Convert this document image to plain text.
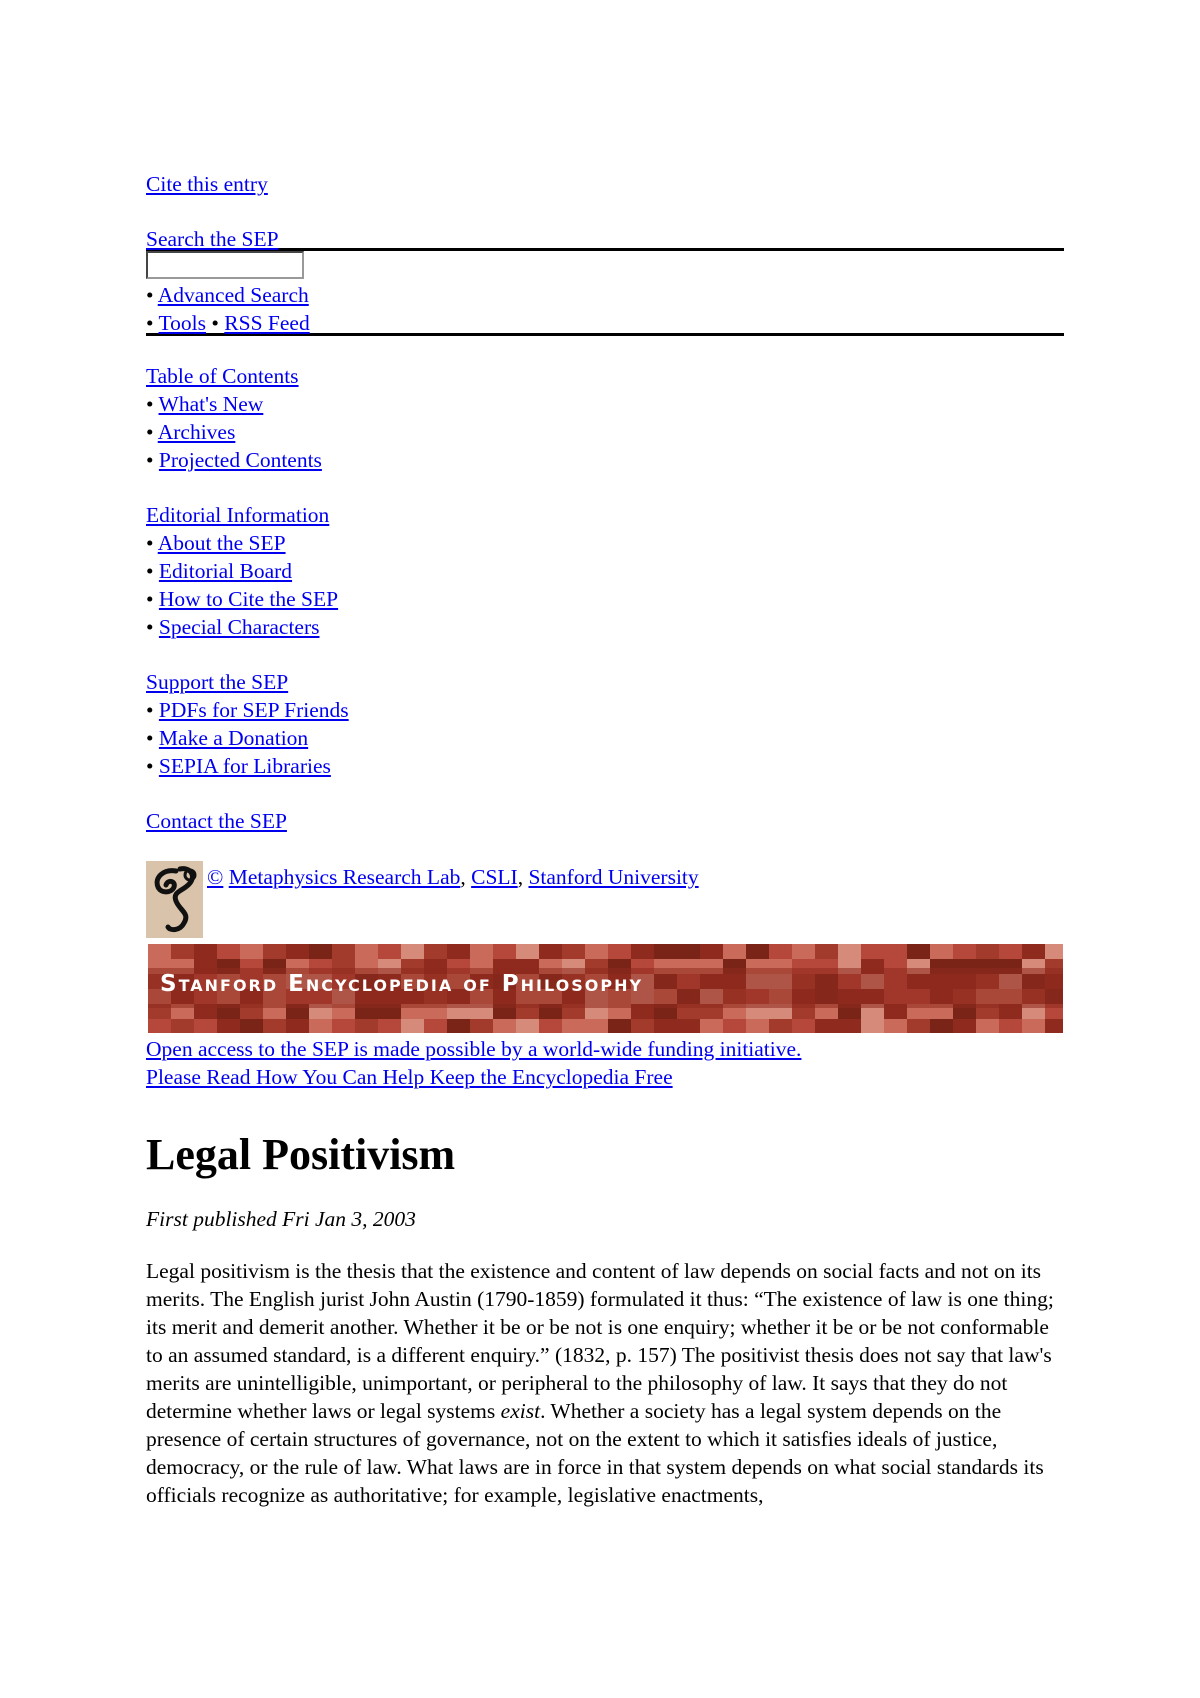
Cite this entry
Search the SEP
• Advanced Search
• Tools • RSS Feed
Table of Contents
• What's New
• Archives
• Projected Contents
Editorial Information
• About the SEP
• Editorial Board
• How to Cite the SEP
• Special Characters
Support the SEP
• PDFs for SEP Friends
• Make a Donation
• SEPIA for Libraries
Contact the SEP
© Metaphysics Research Lab, CSLI, Stanford University
Stanford Encyclopedia of Philosophy
Open access to the SEP is made possible by a world-wide funding initiative.
Please Read How You Can Help Keep the Encyclopedia Free
Legal Positivism
First published Fri Jan 3, 2003
Legal positivism is the thesis that the existence and content of law depends on social facts and not on its merits. The English jurist John Austin (1790-1859) formulated it thus: “The existence of law is one thing; its merit and demerit another. Whether it be or be not is one enquiry; whether it be or be not conformable to an assumed standard, is a different enquiry.” (1832, p. 157) The positivist thesis does not say that law's merits are unintelligible, unimportant, or peripheral to the philosophy of law. It says that they do not determine whether laws or legal systems exist. Whether a society has a legal system depends on the presence of certain structures of governance, not on the extent to which it satisfies ideals of justice, democracy, or the rule of law. What laws are in force in that system depends on what social standards its officials recognize as authoritative; for example, legislative enactments,
